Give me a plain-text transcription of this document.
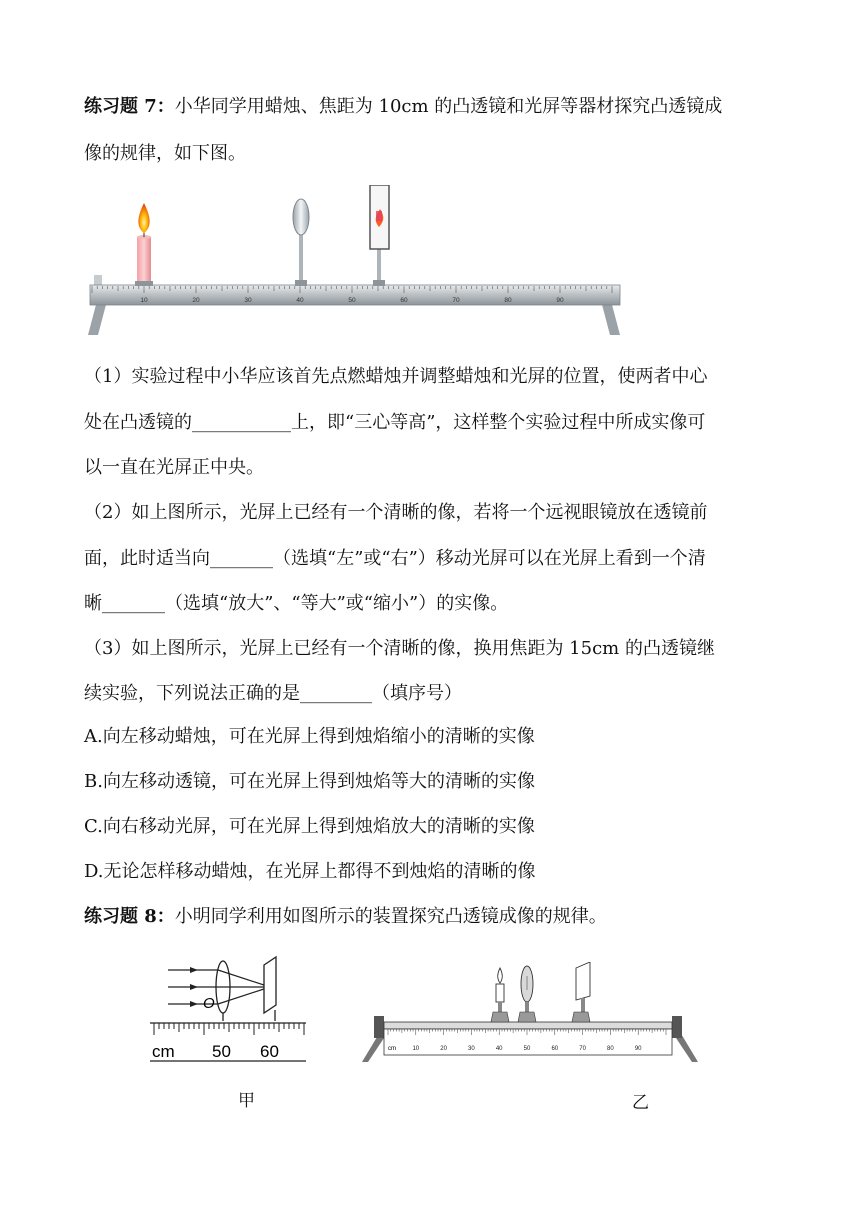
练习题 7：小华同学用蜡烛、焦距为 10cm 的凸透镜和光屏等器材探究凸透镜成
像的规律，如下图。
10	20	30	40	50	60	70	80	90
（1）实验过程中小华应该首先点燃蜡烛并调整蜡烛和光屏的位置，使两者中心
处在凸透镜的___________上，即“三心等高”，这样整个实验过程中所成实像可
以一直在光屏正中央。
（2）如上图所示，光屏上已经有一个清晰的像，若将一个远视眼镜放在透镜前
面，此时适当向_______（选填“左”或“右”）移动光屏可以在光屏上看到一个清
晰_______（选填“放大”、“等大”或“缩小”）的实像。
（3）如上图所示，光屏上已经有一个清晰的像，换用焦距为 15cm 的凸透镜继
续实验，下列说法正确的是________（填序号）
A.向左移动蜡烛，可在光屏上得到烛焰缩小的清晰的实像
B.向左移动透镜，可在光屏上得到烛焰等大的清晰的实像
C.向右移动光屏，可在光屏上得到烛焰放大的清晰的实像
D.无论怎样移动蜡烛，在光屏上都得不到烛焰的清晰的像
练习题 8：小明同学利用如图所示的装置探究凸透镜成像的规律。
O
cm 50 60
甲
10	20	30	40	50	60	70	80	90
cm
乙
